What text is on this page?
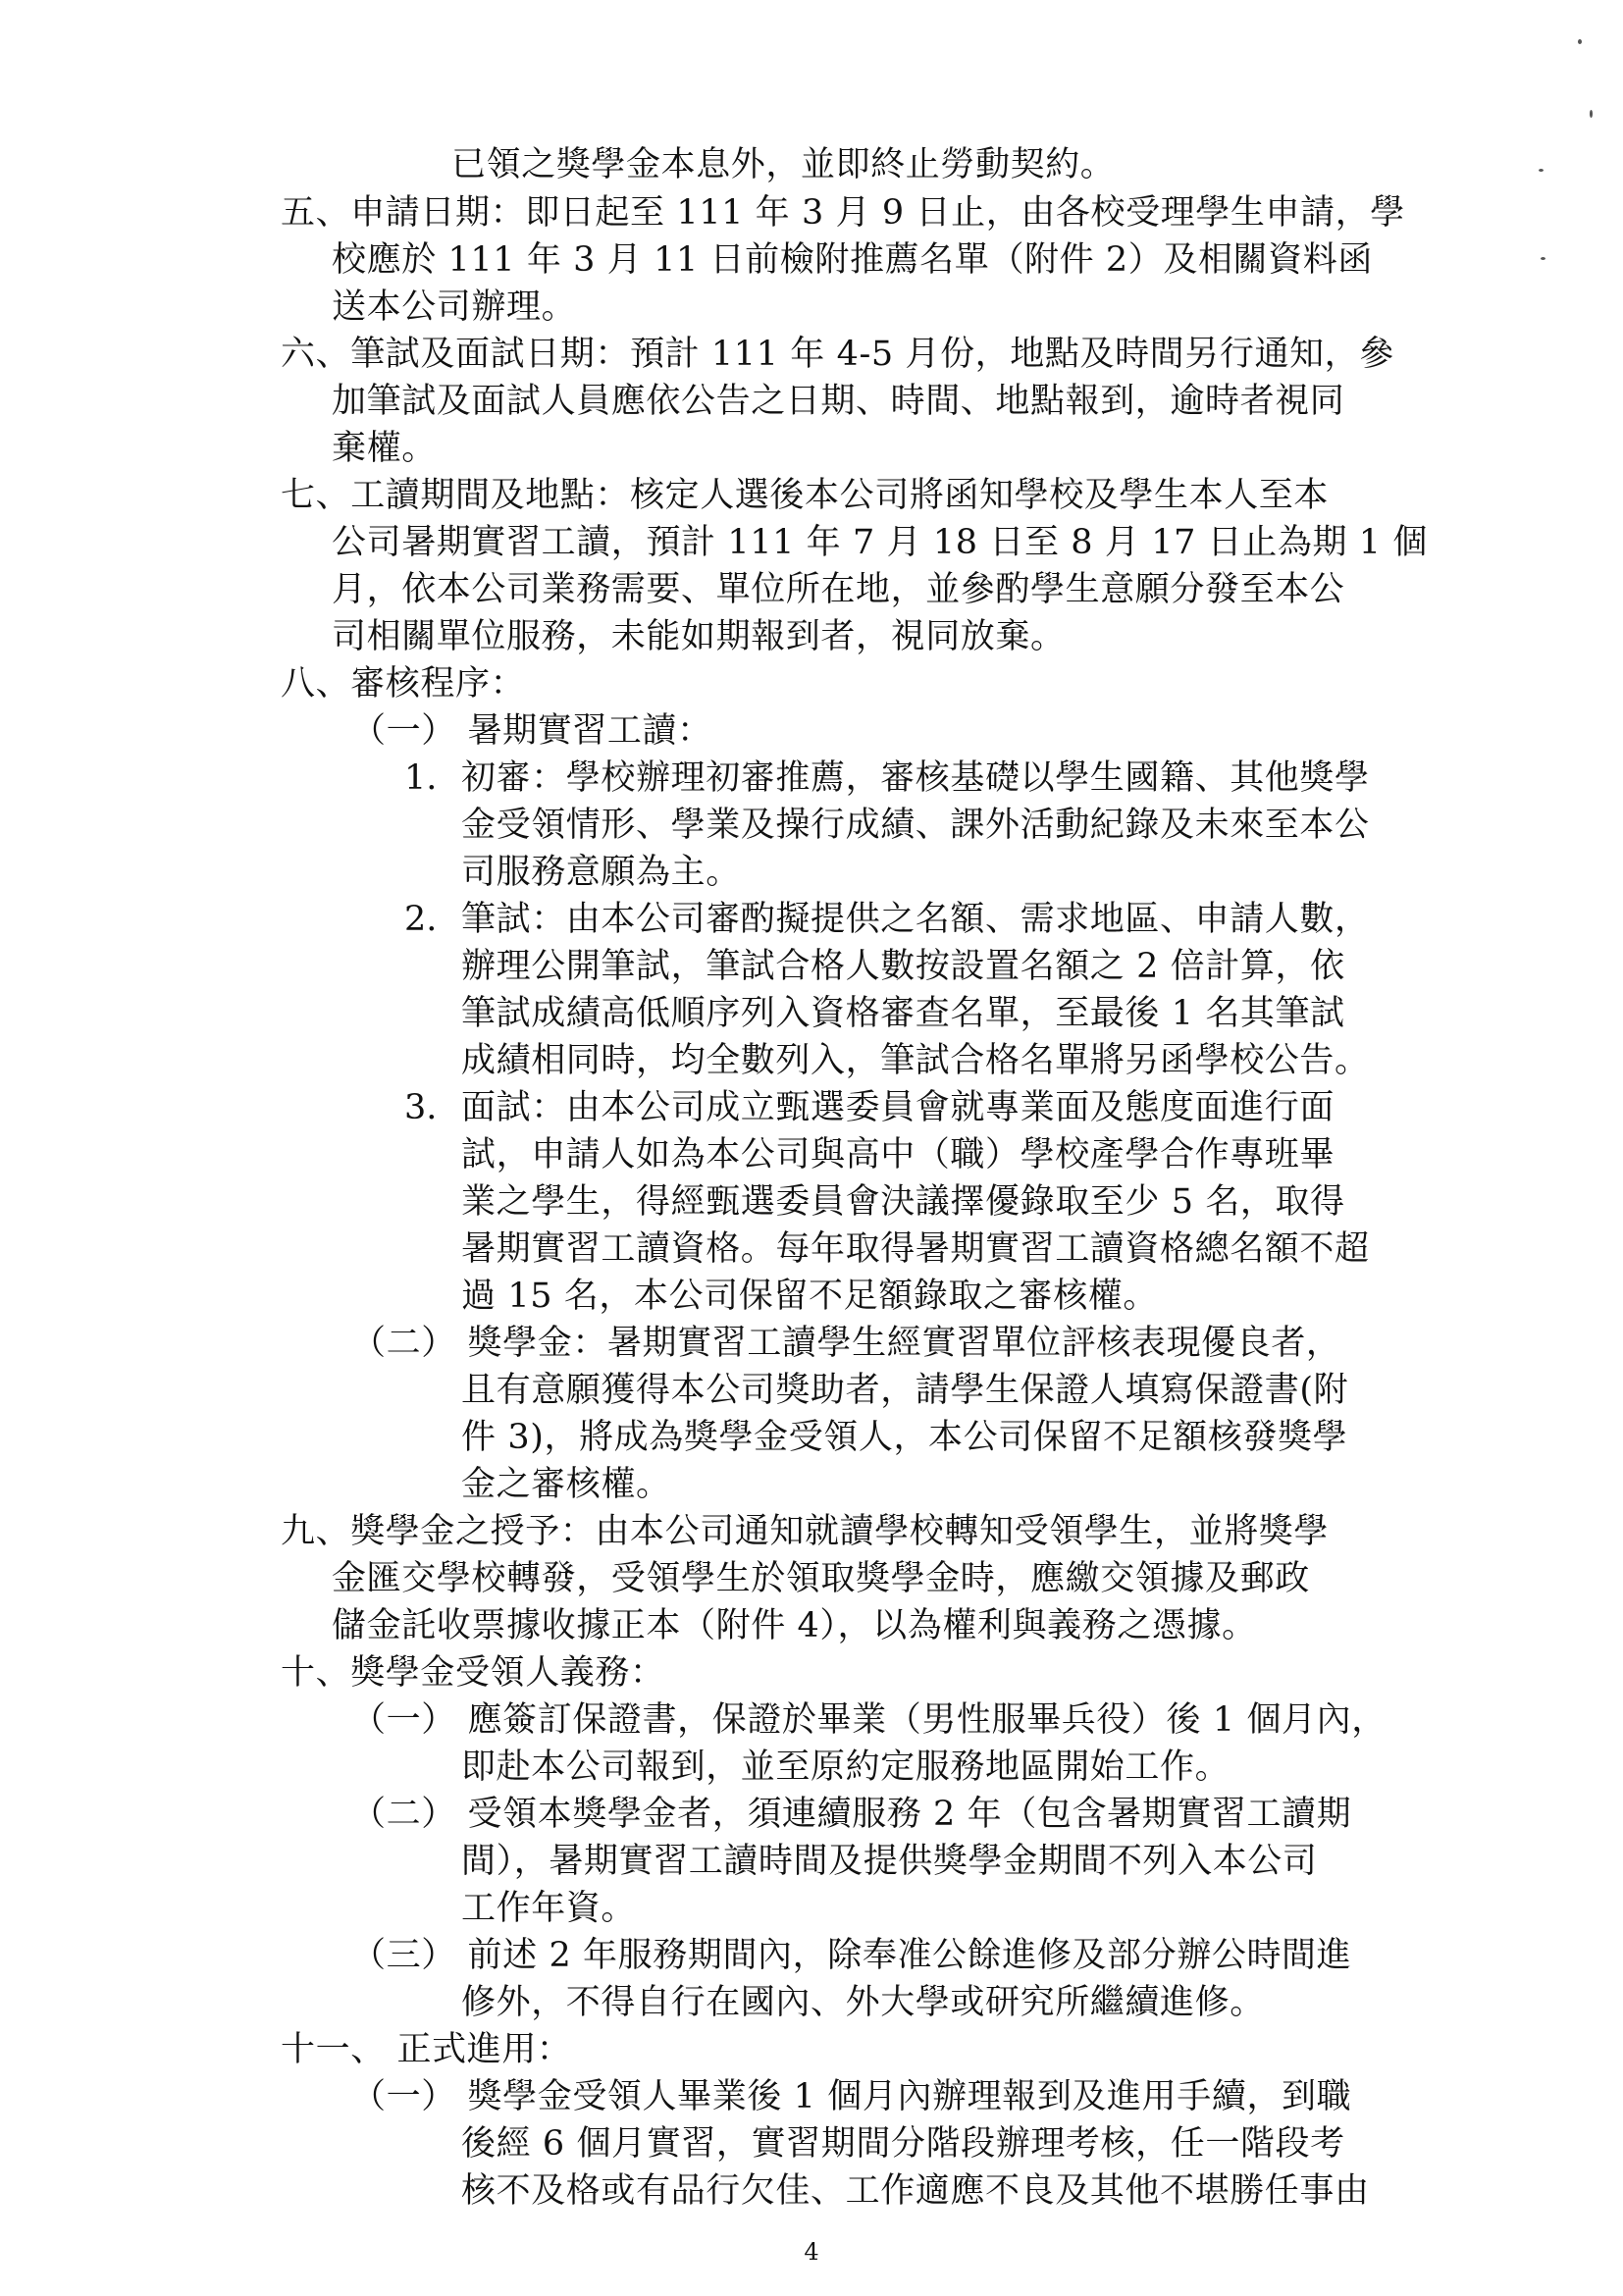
已領之獎學金本息外，並即終止勞動契約。
五、申請日期：即日起至 111 年 3 月 9 日止，由各校受理學生申請，學
校應於 111 年 3 月 11 日前檢附推薦名單（附件 2）及相關資料函
送本公司辦理。
六、筆試及面試日期：預計 111 年 4-5 月份，地點及時間另行通知，參
加筆試及面試人員應依公告之日期、時間、地點報到，逾時者視同
棄權。
七、工讀期間及地點：核定人選後本公司將函知學校及學生本人至本
公司暑期實習工讀，預計 111 年 7 月 18 日至 8 月 17 日止為期 1 個
月，依本公司業務需要、單位所在地，並參酌學生意願分發至本公
司相關單位服務，未能如期報到者，視同放棄。
八、審核程序：
（一） 暑期實習工讀：
1. 初審：學校辦理初審推薦，審核基礎以學生國籍、其他獎學
金受領情形、學業及操行成績、課外活動紀錄及未來至本公
司服務意願為主。
2. 筆試：由本公司審酌擬提供之名額、需求地區、申請人數，
辦理公開筆試，筆試合格人數按設置名額之 2 倍計算，依
筆試成績高低順序列入資格審查名單，至最後 1 名其筆試
成績相同時，均全數列入，筆試合格名單將另函學校公告。
3. 面試：由本公司成立甄選委員會就專業面及態度面進行面
試，申請人如為本公司與高中（職）學校產學合作專班畢
業之學生，得經甄選委員會決議擇優錄取至少 5 名，取得
暑期實習工讀資格。每年取得暑期實習工讀資格總名額不超
過 15 名，本公司保留不足額錄取之審核權。
（二） 獎學金：暑期實習工讀學生經實習單位評核表現優良者，
且有意願獲得本公司獎助者，請學生保證人填寫保證書(附
件 3)，將成為獎學金受領人，本公司保留不足額核發獎學
金之審核權。
九、獎學金之授予：由本公司通知就讀學校轉知受領學生，並將獎學
金匯交學校轉發，受領學生於領取獎學金時，應繳交領據及郵政
儲金託收票據收據正本（附件 4），以為權利與義務之憑據。
十、獎學金受領人義務：
（一） 應簽訂保證書，保證於畢業（男性服畢兵役）後 1 個月內，
即赴本公司報到，並至原約定服務地區開始工作。
（二） 受領本獎學金者，須連續服務 2 年（包含暑期實習工讀期
間），暑期實習工讀時間及提供獎學金期間不列入本公司
工作年資。
（三） 前述 2 年服務期間內，除奉准公餘進修及部分辦公時間進
修外，不得自行在國內、外大學或研究所繼續進修。
十一、 正式進用：
（一） 獎學金受領人畢業後 1 個月內辦理報到及進用手續，到職
後經 6 個月實習，實習期間分階段辦理考核，任一階段考
核不及格或有品行欠佳、工作適應不良及其他不堪勝任事由
4
